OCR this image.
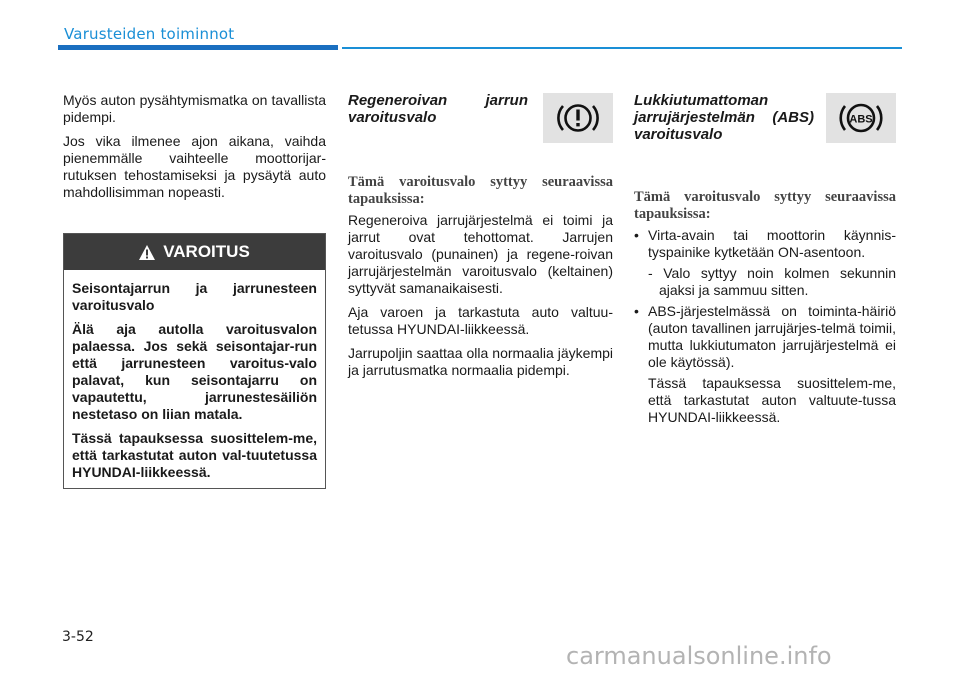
Varusteiden toiminnot

Myös auton pysähtymismatka on tavallista pidempi.

Jos vika ilmenee ajon aikana, vaihda pienemmälle vaihteelle moottorijar-rutuksen tehostamiseksi ja pysäytä auto mahdollisimman nopeasti.

VAROITUS

Seisontajarrun ja jarrunesteen varoitusvalo

Älä aja autolla varoitusvalon palaessa. Jos sekä seisontajar-run että jarrunesteen varoitus-valo palavat, kun seisontajarru on vapautettu, jarrunestesäiliön nestetaso on liian matala.

Tässä tapauksessa suosittelem-me, että tarkastutat auton val-tuutetussa HYUNDAI-liikkeessä.

Regeneroivan jarrun varoitusvalo

Tämä varoitusvalo syttyy seuraavissa tapauksissa:

Regeneroiva jarrujärjestelmä ei toimi ja jarrut ovat tehottomat. Jarrujen varoitusvalo (punainen) ja regene-roivan jarrujärjestelmän varoitusvalo (keltainen) syttyvät samanaikaisesti.

Aja varoen ja tarkastuta auto valtuu-tetussa HYUNDAI-liikkeessä.

Jarrupoljin saattaa olla normaalia jäykempi ja jarrutusmatka normaalia pidempi.

Lukkiutumattoman jarrujärjestelmän (ABS) varoitusvalo

ABS

Tämä varoitusvalo syttyy seuraavissa tapauksissa:

• Virta-avain tai moottorin käynnis-tyspainike kytketään ON-asentoon.
- Valo syttyy noin kolmen sekunnin ajaksi ja sammuu sitten.
• ABS-järjestelmässä on toiminta-häiriö (auton tavallinen jarrujärjes-telmä toimii, mutta lukkiutumaton jarrujärjestelmä ei ole käytössä).

Tässä tapauksessa suosittelem-me, että tarkastutat auton valtuute-tussa HYUNDAI-liikkeessä.

3-52
carmanualsonline.info
